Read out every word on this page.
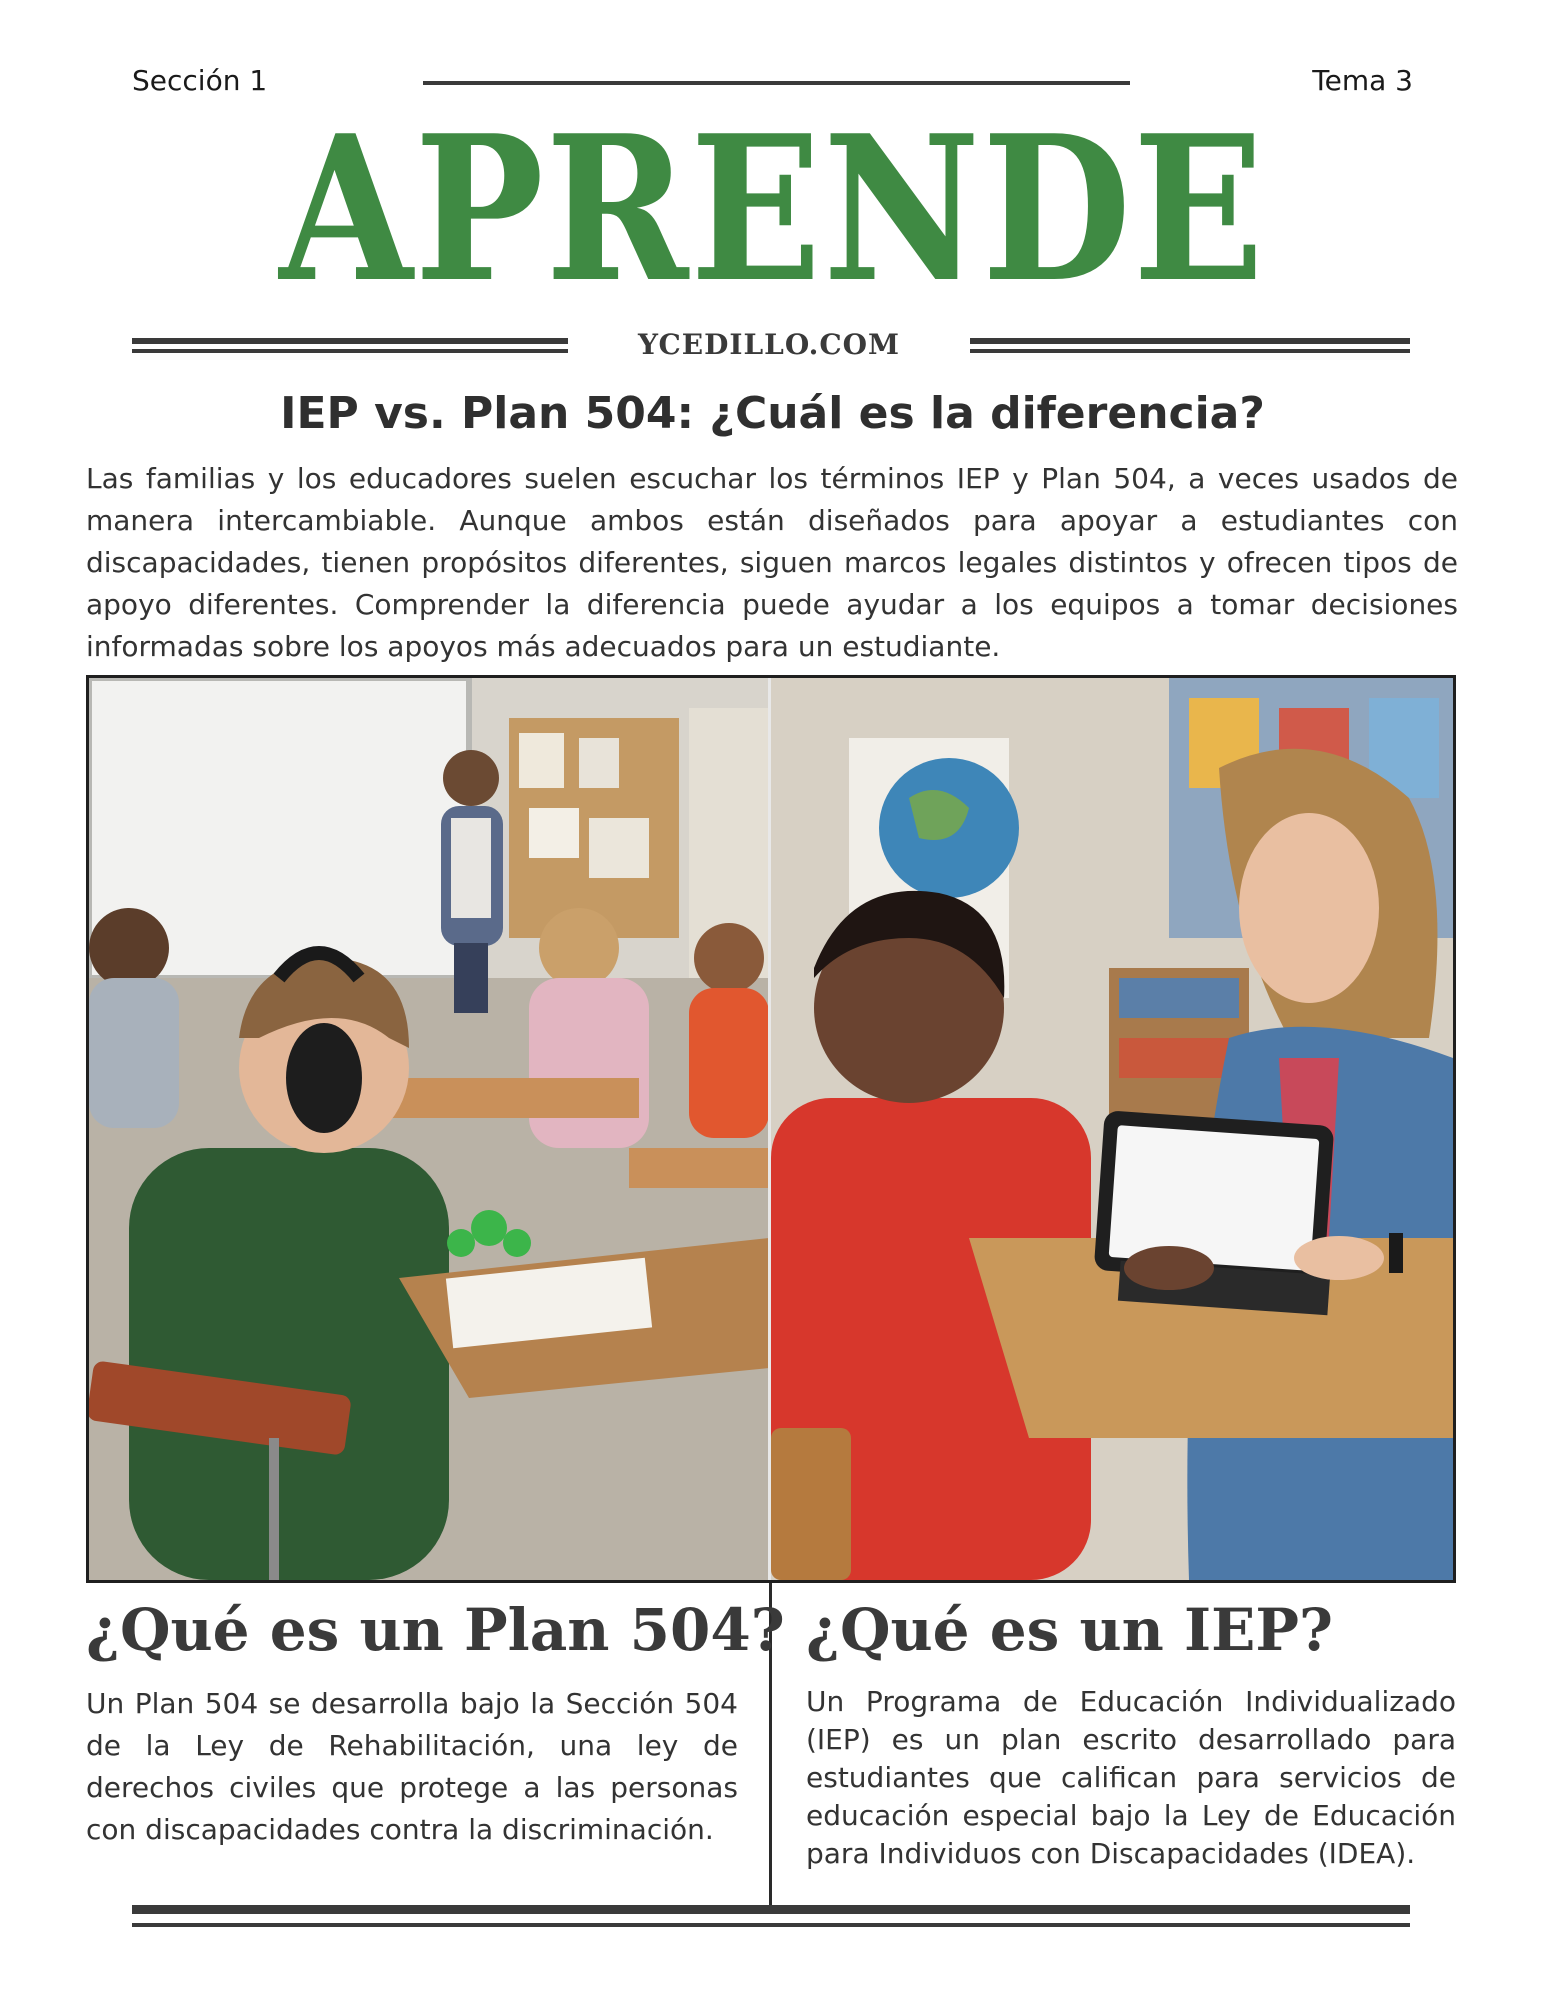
Sección 1	Tema 3
APRENDE
YCEDILLO.COM
IEP vs. Plan 504: ¿Cuál es la diferencia?
Las familias y los educadores suelen escuchar los términos IEP y Plan 504, a veces usados de manera intercambiable. Aunque ambos están diseñados para apoyar a estudiantes con discapacidades, tienen propósitos diferentes, siguen marcos legales distintos y ofrecen tipos de apoyo diferentes. Comprender la diferencia puede ayudar a los equipos a tomar decisiones informadas sobre los apoyos más adecuados para un estudiante.
¿Qué es un Plan 504?
Un Plan 504 se desarrolla bajo la Sección 504 de la Ley de Rehabilitación, una ley de derechos civiles que protege a las personas con discapacidades contra la discriminación.
¿Qué es un IEP?
Un Programa de Educación Individualizado (IEP) es un plan escrito desarrollado para estudiantes que califican para servicios de educación especial bajo la Ley de Educación para Individuos con Discapacidades (IDEA).
